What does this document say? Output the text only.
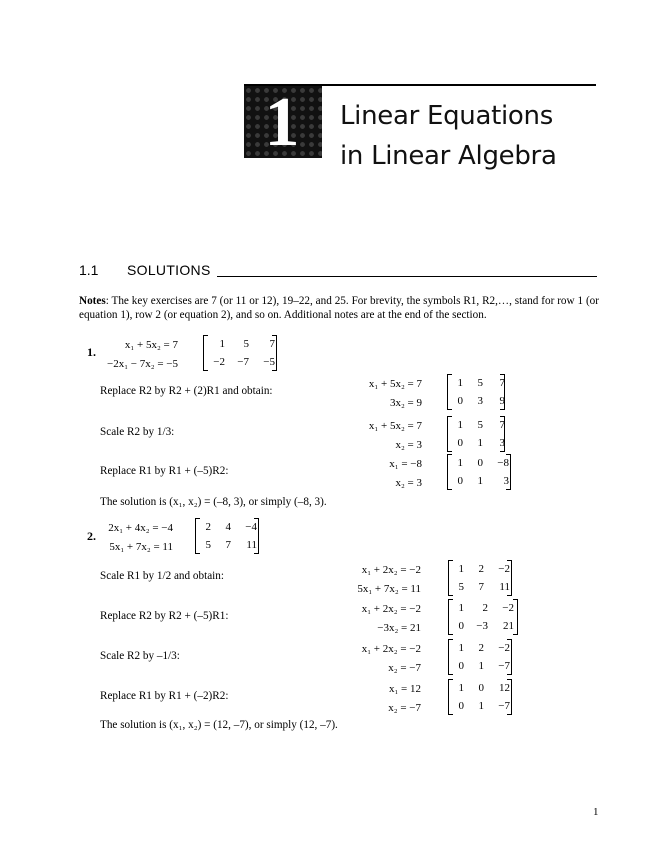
1 Linear Equations
in Linear Algebra
1.1 SOLUTIONS
Notes: The key exercises are 7 (or 11 or 12), 19–22, and 25. For brevity, the symbols R1, R2,…, stand for row 1 (or equation 1), row 2 (or equation 2), and so on. Additional notes are at the end of the section.
1.	x₁ + 5x₂ = 7
−2x₁ − 7x₂ = −5
1	5	7
−2	−7	−5
Replace R2 by R2 + (2)R1 and obtain:
x₁ + 5x₂ = 7
3x₂ = 9
1	5	7
0	3	9
Scale R2 by 1/3:	x₁ + 5x₂ = 7
x₂ = 3
1	5	7
0	1	3
Replace R1 by R1 + (–5)R2:
x₁ = −8
x₂ = 3
1	0	−8
0	1	3
The solution is (x₁, x₂) = (–8, 3), or simply (–8, 3).
2.
2x₁ + 4x₂ = −4
5x₁ + 7x₂ = 11
2	4	−4
5	7	11
Scale R1 by 1/2 and obtain:	x₁ + 2x₂ = −2
5x₁ + 7x₂ = 11
1	2	−2
5	7	11
Replace R2 by R2 + (–5)R1:
x₁ + 2x₂ = −2
−3x₂ = 21
1	2	−2
0	−3	21
Scale R2 by –1/3:
x₁ + 2x₂ = −2
x₂ = −7
1	2	−2
0	1	−7
Replace R1 by R1 + (–2)R2:
x₁ = 12
x₂ = −7
1	0	12
0	1	−7
The solution is (x₁, x₂) = (12, –7), or simply (12, –7).
1
